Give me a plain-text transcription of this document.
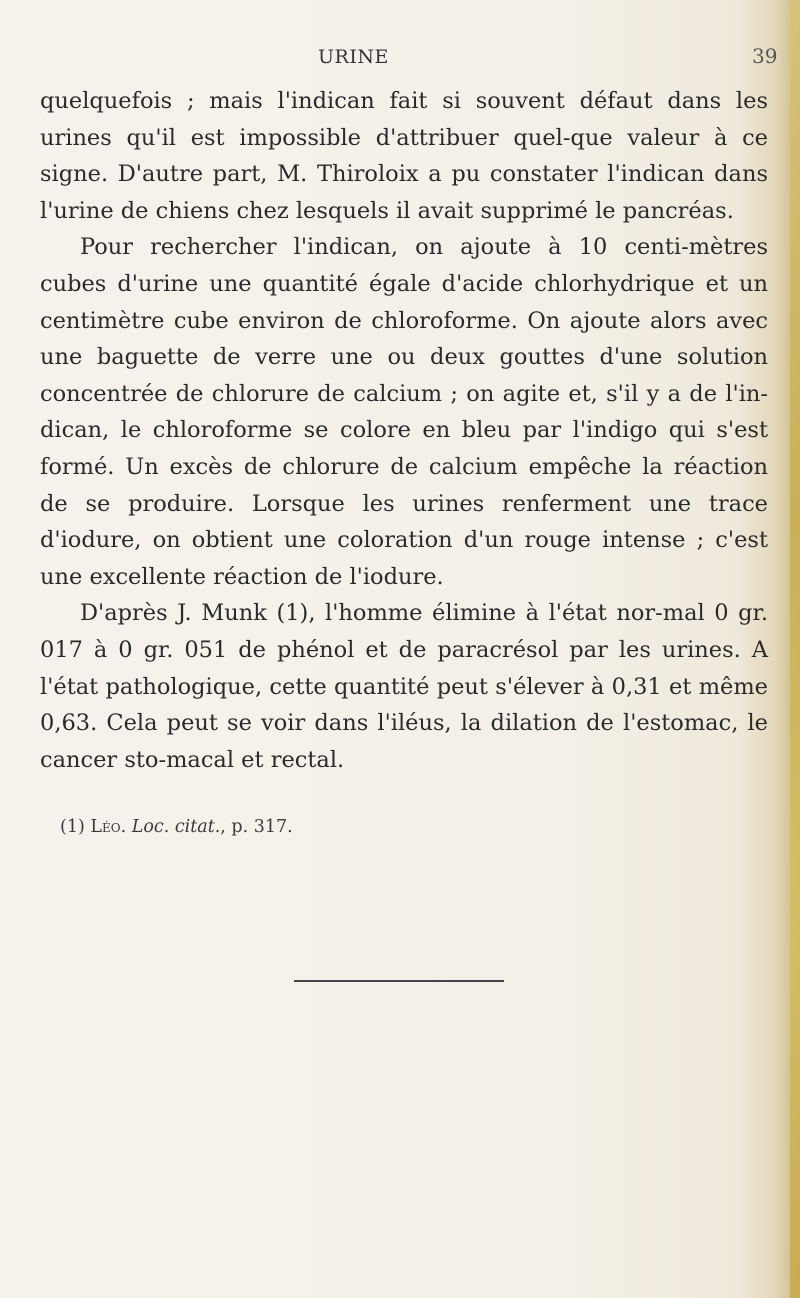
URINE	39

quelquefois ; mais l'indican fait si souvent défaut dans les urines qu'il est impossible d'attribuer quel-que valeur à ce signe. D'autre part, M. Thiroloix a pu constater l'indican dans l'urine de chiens chez lesquels il avait supprimé le pancréas.

Pour rechercher l'indican, on ajoute à 10 centi-mètres cubes d'urine une quantité égale d'acide chlorhydrique et un centimètre cube environ de chloroforme. On ajoute alors avec une baguette de verre une ou deux gouttes d'une solution concentrée de chlorure de calcium ; on agite et, s'il y a de l'in-dican, le chloroforme se colore en bleu par l'indigo qui s'est formé. Un excès de chlorure de calcium empêche la réaction de se produire. Lorsque les urines renferment une trace d'iodure, on obtient une coloration d'un rouge intense ; c'est une excellente réaction de l'iodure.

D'après J. Munk (1), l'homme élimine à l'état nor-mal 0 gr. 017 à 0 gr. 051 de phénol et de paracrésol par les urines. A l'état pathologique, cette quantité peut s'élever à 0,31 et même 0,63. Cela peut se voir dans l'iléus, la dilation de l'estomac, le cancer sto-macal et rectal.

(1) Léo. Loc. citat., p. 317.
